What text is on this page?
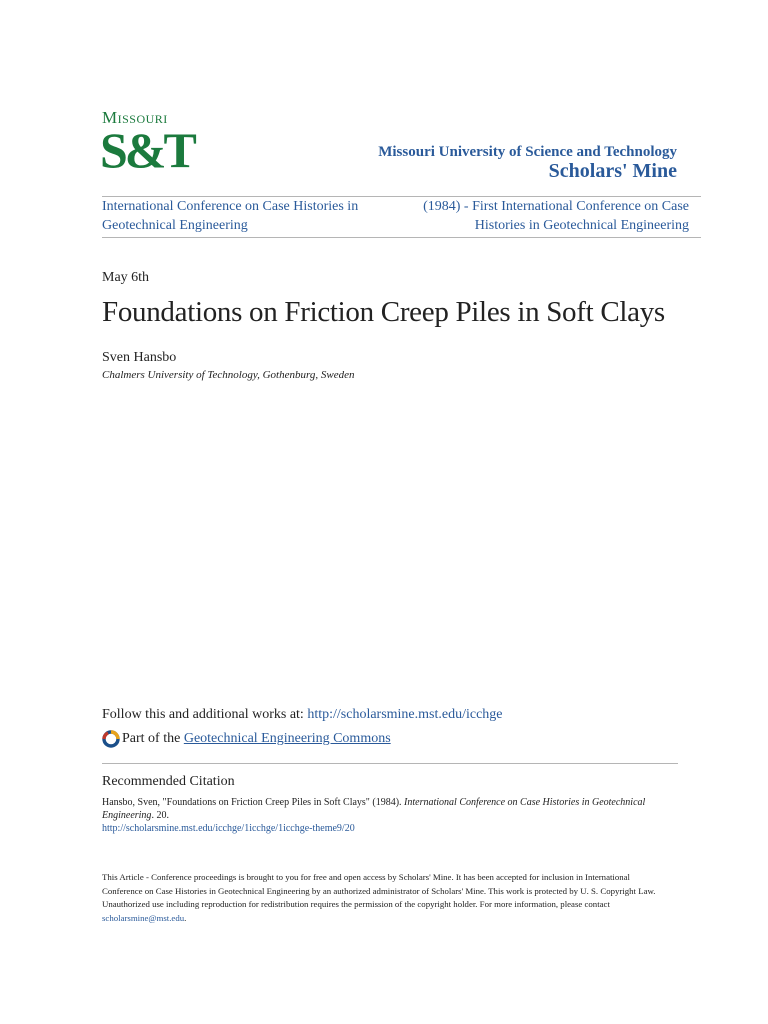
Missouri
S&T	Missouri University of Science and Technology
Scholars' Mine
International Conference on Case Histories in Geotechnical Engineering
(1984) - First International Conference on Case Histories in Geotechnical Engineering
May 6th
Foundations on Friction Creep Piles in Soft Clays
Sven Hansbo
Chalmers University of Technology, Gothenburg, Sweden
Follow this and additional works at: http://scholarsmine.mst.edu/icchge
Part of the Geotechnical Engineering Commons
Recommended Citation
Hansbo, Sven, "Foundations on Friction Creep Piles in Soft Clays" (1984). International Conference on Case Histories in Geotechnical Engineering. 20.
http://scholarsmine.mst.edu/icchge/1icchge/1icchge-theme9/20
This Article - Conference proceedings is brought to you for free and open access by Scholars' Mine. It has been accepted for inclusion in International Conference on Case Histories in Geotechnical Engineering by an authorized administrator of Scholars' Mine. This work is protected by U. S. Copyright Law. Unauthorized use including reproduction for redistribution requires the permission of the copyright holder. For more information, please contact scholarsmine@mst.edu.
